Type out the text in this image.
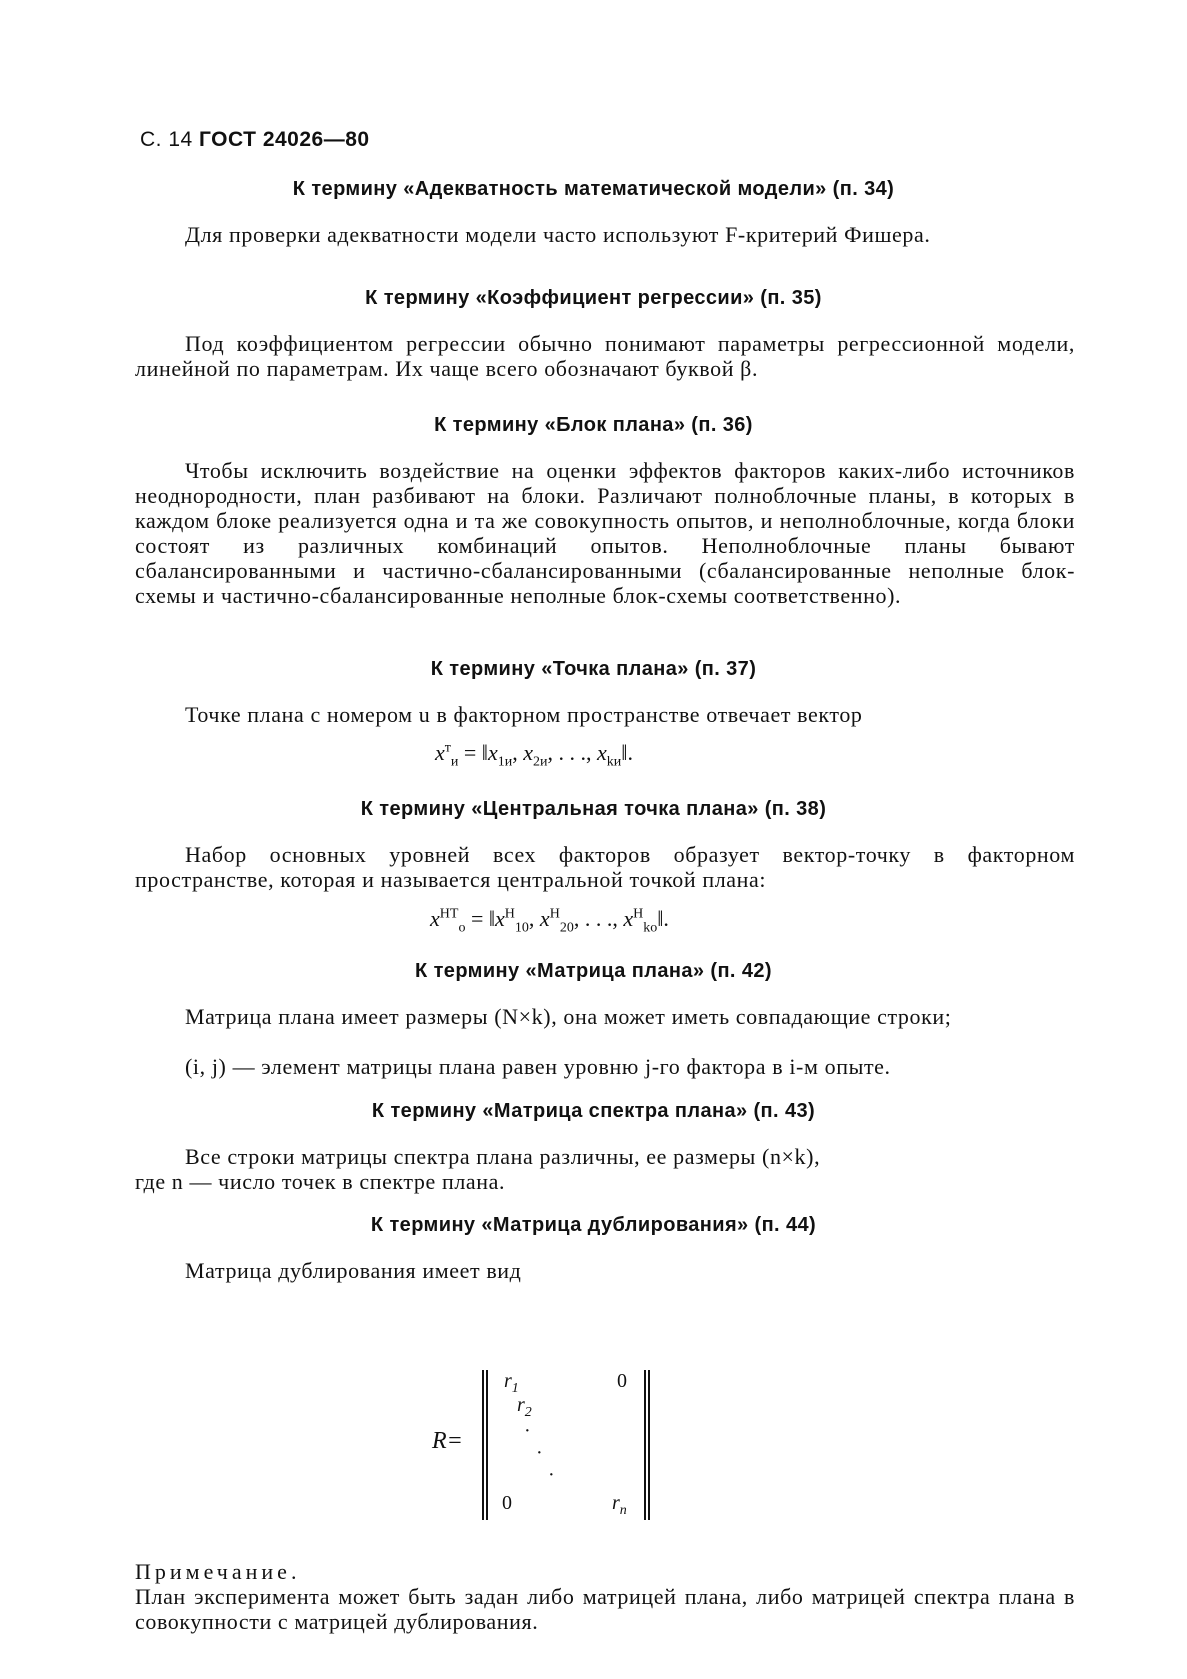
С. 14 ГОСТ 24026—80
К термину «Адекватность математической модели» (п. 34)
Для проверки адекватности модели часто используют F-критерий Фишера.
К термину «Коэффициент регрессии» (п. 35)
Под коэффициентом регрессии обычно понимают параметры регрессионной модели, линейной по параметрам. Их чаще всего обозначают буквой β.
К термину «Блок плана» (п. 36)
Чтобы исключить воздействие на оценки эффектов факторов каких-либо источников неоднородности, план разбивают на блоки. Различают полноблочные планы, в которых в каждом блоке реализуется одна и та же совокупность опытов, и неполноблочные, когда блоки состоят из различных комбинаций опытов. Неполноблочные планы бывают сбалансированными и частично-сбалансированными (сбалансированные неполные блок-схемы и частично-сбалансированные неполные блок-схемы соответственно).
К термину «Точка плана» (п. 37)
Точке плана с номером u в факторном пространстве отвечает вектор
$x^т_и$ = $‖x_{1и}$, $x_{2и}$, . . ., $x_{kи}‖$.
К термину «Центральная точка плана» (п. 38)
Набор основных уровней всех факторов образует вектор-точку в факторном пространстве, которая и называется центральной точкой плана:
$x^{НТ}_о$ = $‖x^Н_{10}$, $x^Н_{20}$, . . ., $x^Н_{kо}‖$.
К термину «Матрица плана» (п. 42)
Матрица плана имеет размеры (N×k), она может иметь совпадающие строки;
(i, j) — элемент матрицы плана равен уровню j-го фактора в i-м опыте.
К термину «Матрица спектра плана» (п. 43)
Все строки матрицы спектра плана различны, ее размеры (n×k),
где n — число точек в спектре плана.
К термину «Матрица дублирования» (п. 44)
Матрица дублирования имеет вид
R=
$r_1$	0
$r_2$
·
·
·
0	$r_n$

Примечание.
План эксперимента может быть задан либо матрицей плана, либо матрицей спектра плана в совокупности с матрицей дублирования.
